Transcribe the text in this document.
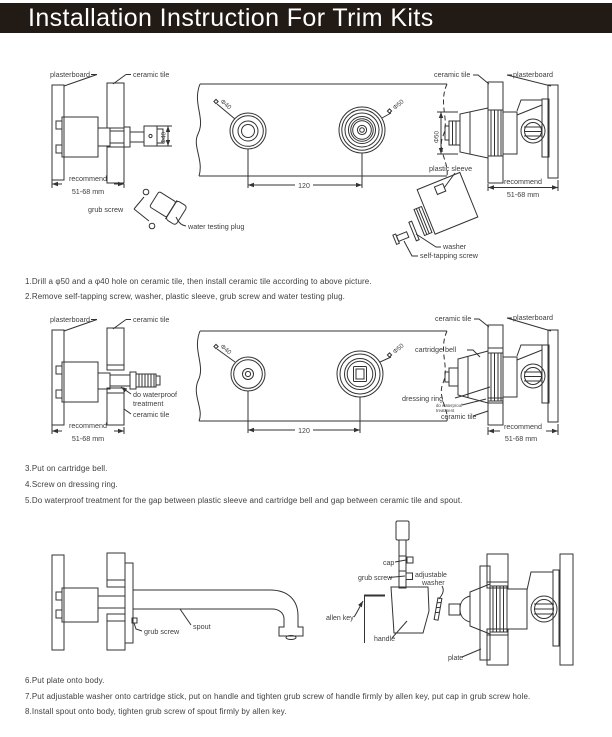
Installation Instruction For Trim Kits
Φ40
plasterboard	ceramic tile
recommend
51-68 mm
grub screw
water testing plug
Φ40	Φ50
120
Φ50
ceramic tile	plasterboard
recommend
51-68 mm
plastic sleeve
washer
self-tapping screw
plasterboard	ceramic tile
do waterproof
treatment
ceramic tile
recommend
51-68 mm
Φ40	Φ50
120
ceramic tile	plasterboard
cartridge bell
dressing ring
do waterproof
treatment
ceramic tile
recommend
51-68 mm
grub screw
spout
cap
grub screw	adjustable
washer
allen key
handle
plate
1.Drill a φ50 and a φ40 hole on ceramic tile, then install ceramic tile according to above picture.
2.Remove self-tapping screw, washer, plastic sleeve, grub screw and water testing plug.
3.Put on cartridge bell.
4.Screw on dressing ring.
5.Do waterproof treatment for the gap between plastic sleeve and cartridge bell and gap between ceramic tile and spout.
6.Put plate onto body.
7.Put adjustable washer onto cartridge stick, put on handle and tighten grub screw of handle firmly by allen key, put cap in grub screw hole.
8.Install spout onto body, tighten grub screw of spout firmly by allen key.
